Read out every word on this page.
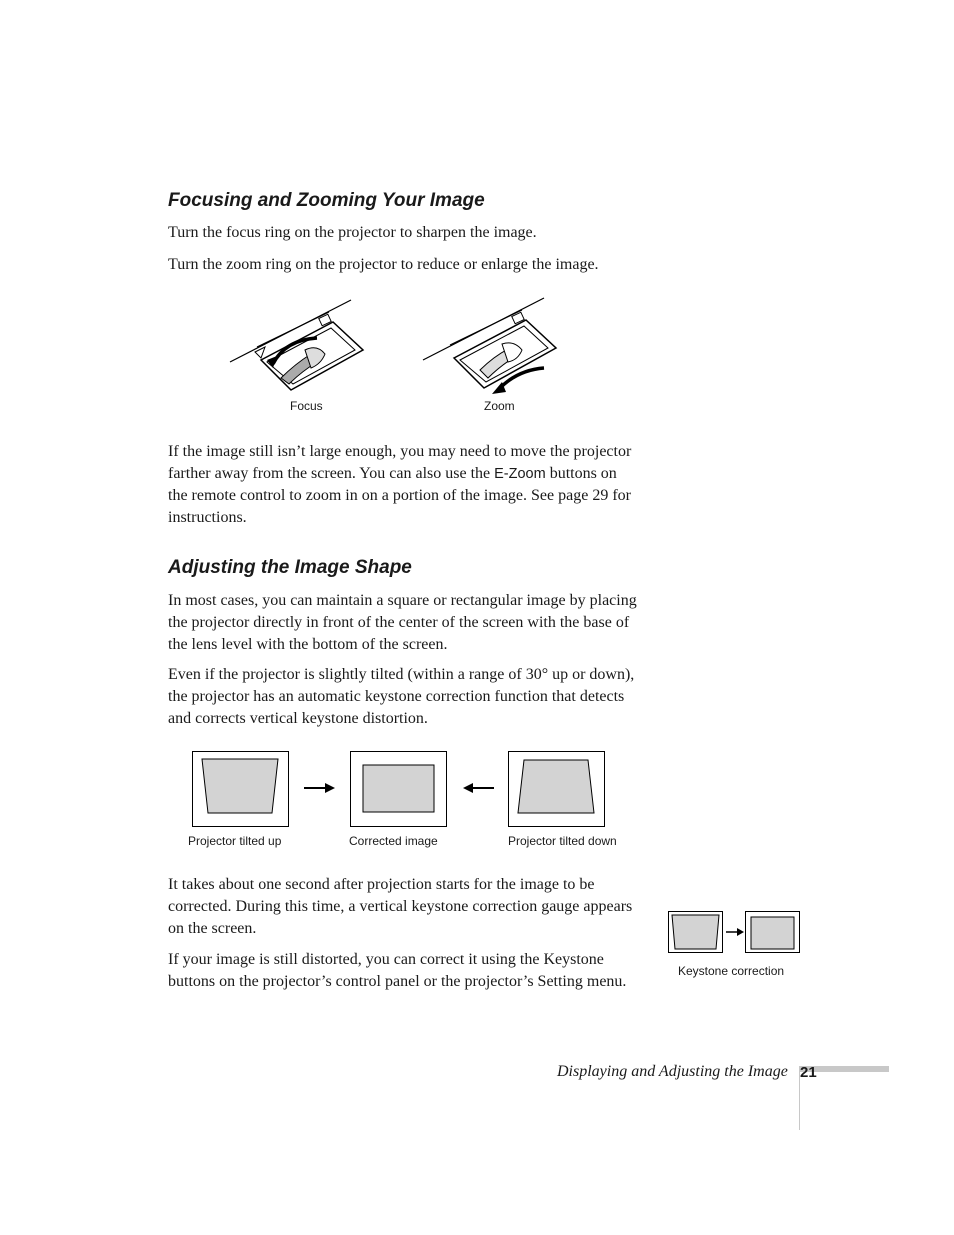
Focusing and Zooming Your Image
Turn the focus ring on the projector to sharpen the image.
Turn the zoom ring on the projector to reduce or enlarge the image.
Focus	Zoom
If the image still isn’t large enough, you may need to move the projector farther away from the screen. You can also use the E-Zoom buttons on the remote control to zoom in on a portion of the image. See page 29 for instructions.
Adjusting the Image Shape
In most cases, you can maintain a square or rectangular image by placing the projector directly in front of the center of the screen with the base of the lens level with the bottom of the screen.
Even if the projector is slightly tilted (within a range of 30° up or down), the projector has an automatic keystone correction function that detects and corrects vertical keystone distortion.
Projector tilted up	Corrected image	Projector tilted down
It takes about one second after projection starts for the image to be corrected. During this time, a vertical keystone correction gauge appears on the screen.
If your image is still distorted, you can correct it using the Keystone buttons on the projector’s control panel or the projector’s Setting menu.
Keystone correction
Displaying and Adjusting the Image 21
